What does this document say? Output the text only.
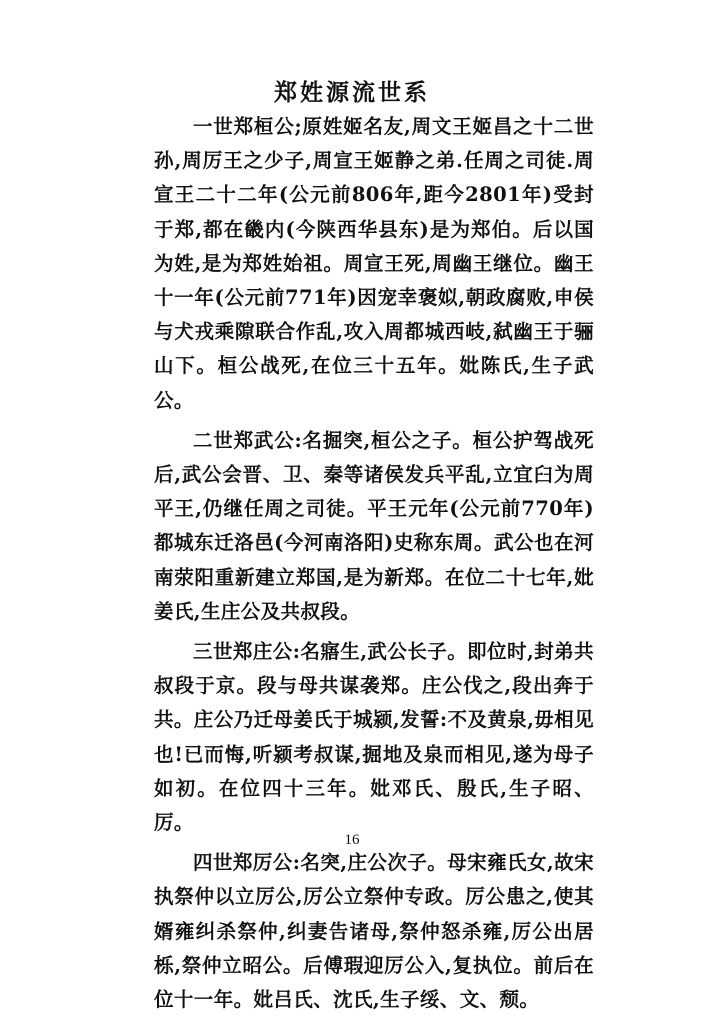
郑姓源流世系

一世郑桓公;原姓姬名友,周文王姬昌之十二世孙,周厉王之少子,周宣王姬静之弟.任周之司徒.周宣王二十二年(公元前806年,距今2801年)受封于郑,都在畿内(今陕西华县东)是为郑伯。后以国为姓,是为郑姓始祖。周宣王死,周幽王继位。幽王十一年(公元前771年)因宠幸褒姒,朝政腐败,申侯与犬戎乘隙联合作乱,攻入周都城西岐,弑幽王于骊山下。桓公战死,在位三十五年。妣陈氏,生子武公。

二世郑武公:名掘突,桓公之子。桓公护驾战死后,武公会晋、卫、秦等诸侯发兵平乱,立宜臼为周平王,仍继任周之司徒。平王元年(公元前770年)都城东迁洛邑(今河南洛阳)史称东周。武公也在河南荥阳重新建立郑国,是为新郑。在位二十七年,妣姜氏,生庄公及共叔段。

三世郑庄公:名寤生,武公长子。即位时,封弟共叔段于京。段与母共谋袭郑。庄公伐之,段出奔于共。庄公乃迁母姜氏于城颍,发誓:不及黄泉,毋相见也!已而悔,听颍考叔谋,掘地及泉而相见,遂为母子如初。在位四十三年。妣邓氏、殷氏,生子昭、厉。

四世郑厉公:名突,庄公次子。母宋雍氏女,故宋执祭仲以立厉公,厉公立祭仲专政。厉公患之,使其婿雍纠杀祭仲,纠妻告诸母,祭仲怒杀雍,厉公出居栎,祭仲立昭公。后傅瑕迎厉公入,复执位。前后在位十一年。妣吕氏、沈氏,生子绥、文、颓。

16
